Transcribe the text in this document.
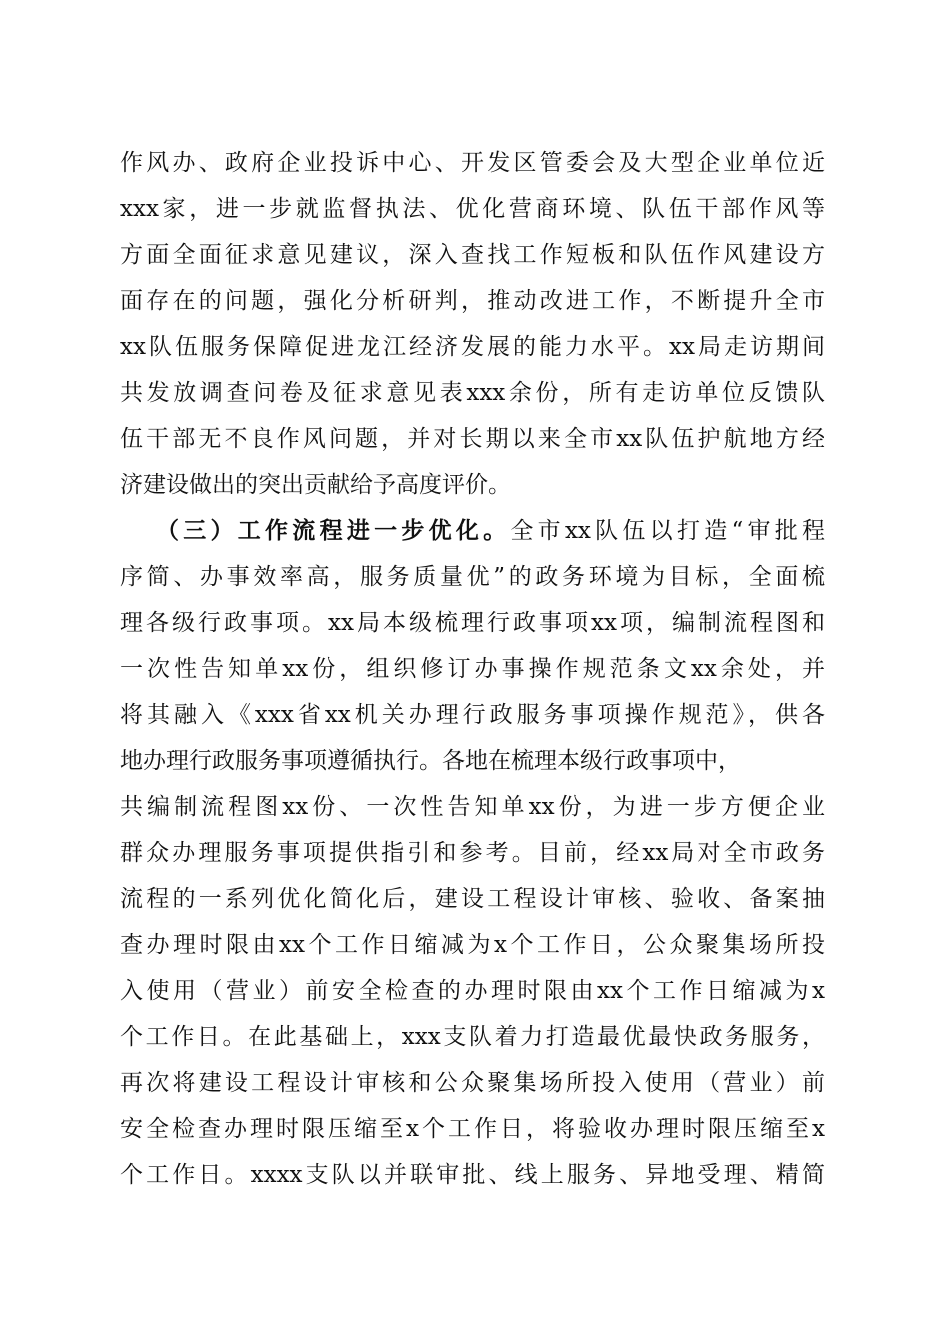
作风办、政府企业投诉中心、开发区管委会及大型企业单位近
xxx家，进一步就监督执法、优化营商环境、队伍干部作风等
方面全面征求意见建议，深入查找工作短板和队伍作风建设方
面存在的问题，强化分析研判，推动改进工作，不断提升全市
xx队伍服务保障促进龙江经济发展的能力水平。xx局走访期间
共发放调查问卷及征求意见表xxx余份，所有走访单位反馈队
伍干部无不良作风问题，并对长期以来全市xx队伍护航地方经
济建设做出的突出贡献给予高度评价。
（三）工作流程进一步优化。全市xx队伍以打造“审批程
序简、办事效率高，服务质量优”的政务环境为目标，全面梳
理各级行政事项。xx局本级梳理行政事项xx项，编制流程图和
一次性告知单xx份，组织修订办事操作规范条文xx余处，并
将其融入《xxx省xx机关办理行政服务事项操作规范》，供各
地办理行政服务事项遵循执行。各地在梳理本级行政事项中，
共编制流程图xx份、一次性告知单xx份，为进一步方便企业
群众办理服务事项提供指引和参考。目前，经xx局对全市政务
流程的一系列优化简化后，建设工程设计审核、验收、备案抽
查办理时限由xx个工作日缩减为x个工作日，公众聚集场所投
入使用（营业）前安全检查的办理时限由xx个工作日缩减为x
个工作日。在此基础上，xxx支队着力打造最优最快政务服务，
再次将建设工程设计审核和公众聚集场所投入使用（营业）前
安全检查办理时限压缩至x个工作日，将验收办理时限压缩至x
个工作日。xxxx支队以并联审批、线上服务、异地受理、精简
